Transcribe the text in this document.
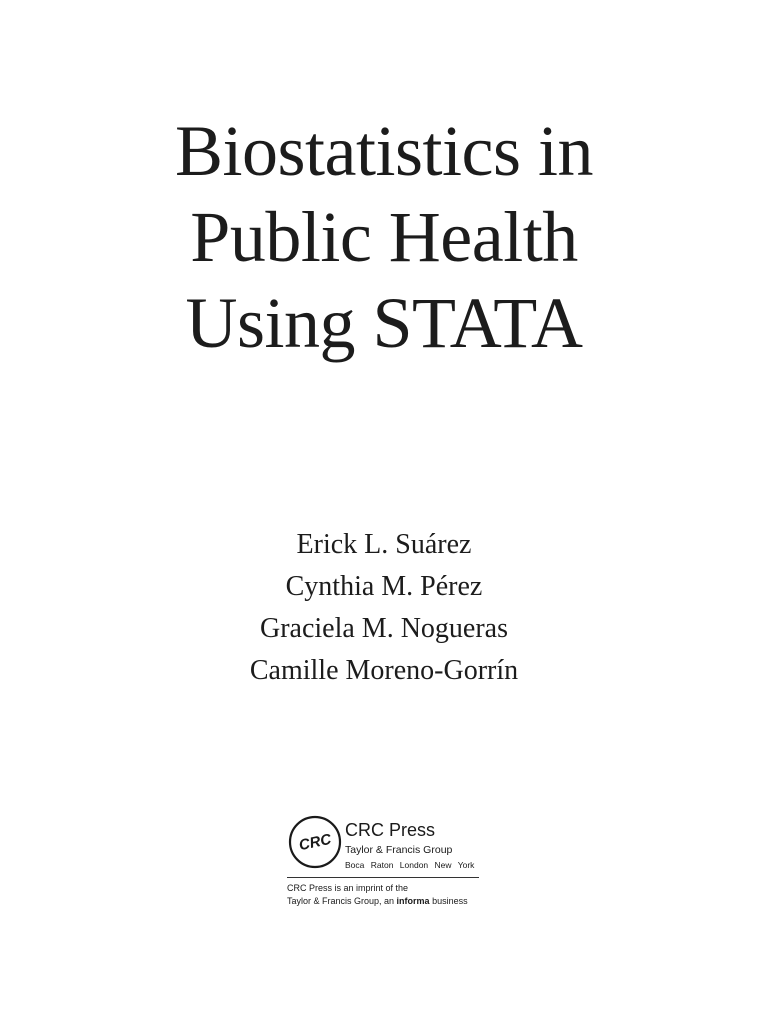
Biostatistics in
Public Health
Using STATA
Erick L. Suárez
Cynthia M. Pérez
Graciela M. Nogueras
Camille Moreno-Gorrín
CRC
CRC Press
Taylor & Francis Group
Boca Raton London New York
CRC Press is an imprint of the
Taylor & Francis Group, an informa business
